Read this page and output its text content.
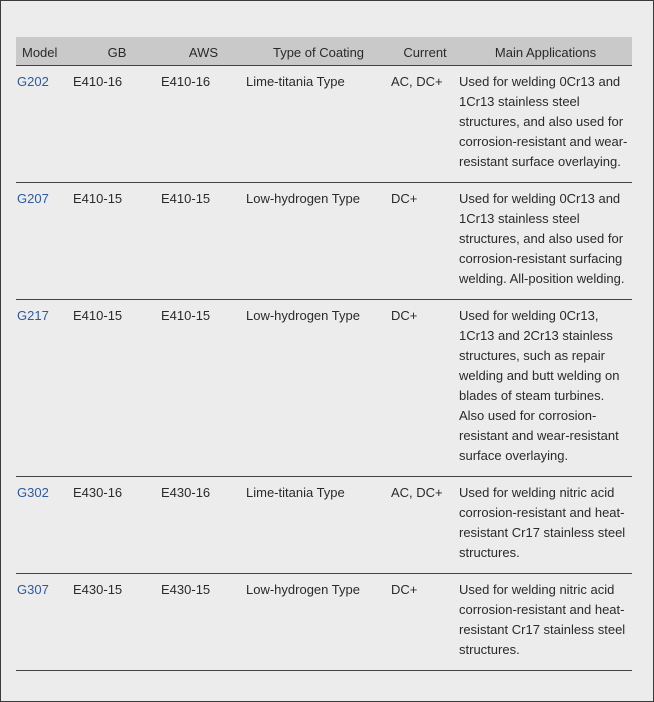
Model	GB	AWS	Type of Coating	Current	Main Applications
G202	E410-16	E410-16	Lime-titania Type	AC, DC+	Used for welding 0Cr13 and 1Cr13 stainless steel structures, and also used for corrosion-resistant and wear-resistant surface overlaying.
G207	E410-15	E410-15	Low-hydrogen Type	DC+	Used for welding 0Cr13 and 1Cr13 stainless steel structures, and also used for corrosion-resistant surfacing welding. All-position welding.
G217	E410-15	E410-15	Low-hydrogen Type	DC+	Used for welding 0Cr13, 1Cr13 and 2Cr13 stainless structures, such as repair welding and butt welding on blades of steam turbines. Also used for corrosion-resistant and wear-resistant surface overlaying.
G302	E430-16	E430-16	Lime-titania Type	AC, DC+	Used for welding nitric acid corrosion-resistant and heat-resistant Cr17 stainless steel structures.
G307	E430-15	E430-15	Low-hydrogen Type	DC+	Used for welding nitric acid corrosion-resistant and heat-resistant Cr17 stainless steel structures.
